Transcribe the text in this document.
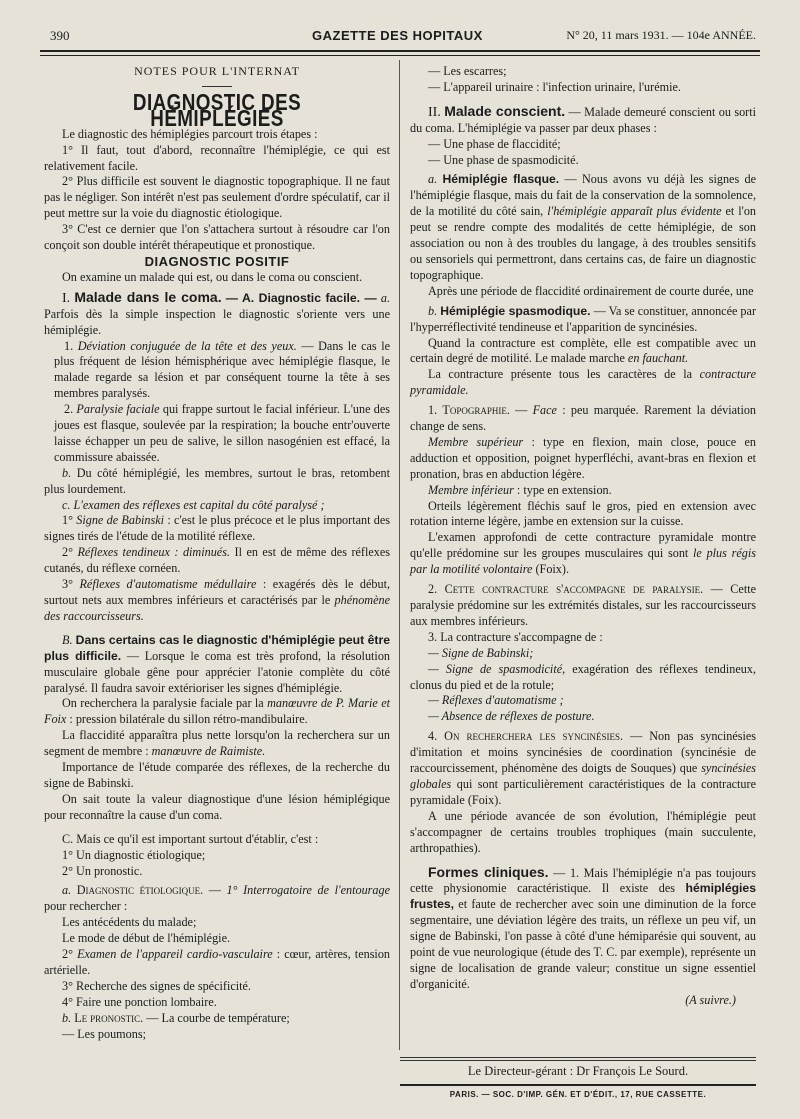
390	GAZETTE DES HOPITAUX	N° 20, 11 mars 1931. — 104e ANNÉE.

NOTES POUR L'INTERNAT

DIAGNOSTIC DES HÉMIPLÉGIES

Le diagnostic des hémiplégies parcourt trois étapes :

1° Il faut, tout d'abord, reconnaître l'hémiplégie, ce qui est relativement facile.

2° Plus difficile est souvent le diagnostic topographique. Il ne faut pas le négliger. Son intérêt n'est pas seulement d'ordre spéculatif, car il peut mettre sur la voie du diagnostic étiologique.

3° C'est ce dernier que l'on s'attachera surtout à résoudre car l'on conçoit son double intérêt thérapeutique et pronostique.

DIAGNOSTIC POSITIF

On examine un malade qui est, ou dans le coma ou conscient.

I. Malade dans le coma. — A. Diagnostic facile. — a. Parfois dès la simple inspection le diagnostic s'oriente vers une hémiplégie.

1. Déviation conjuguée de la tête et des yeux. — Dans le cas le plus fréquent de lésion hémisphérique avec hémiplégie flasque, le malade regarde sa lésion et par conséquent tourne la tête à ses membres paralysés.

2. Paralysie faciale qui frappe surtout le facial inférieur. L'une des joues est flasque, soulevée par la respiration; la bouche entr'ouverte laisse échapper un peu de salive, le sillon nasogénien est effacé, la commissure abaissée.

b. Du côté hémiplégié, les membres, surtout le bras, retombent plus lourdement.

c. L'examen des réflexes est capital du côté paralysé ;

1° Signe de Babinski : c'est le plus précoce et le plus important des signes tirés de l'étude de la motilité réflexe.

2° Réflexes tendineux : diminués. Il en est de même des réflexes cutanés, du réflexe cornéen.

3° Réflexes d'automatisme médullaire : exagérés dès le début, surtout nets aux membres inférieurs et caractérisés par le phénomène des raccourcisseurs.

B. Dans certains cas le diagnostic d'hémiplégie peut être plus difficile. — Lorsque le coma est très profond, la résolution musculaire globale gêne pour apprécier l'atonie complète du côté paralysé. Il faudra savoir extérioriser les signes d'hémiplégie.

On recherchera la paralysie faciale par la manœuvre de P. Marie et Foix : pression bilatérale du sillon rétro-mandibulaire.

La flaccidité apparaîtra plus nette lorsqu'on la recherchera sur un segment de membre : manœuvre de Raimiste.

Importance de l'étude comparée des réflexes, de la recherche du signe de Babinski.

On sait toute la valeur diagnostique d'une lésion hémiplégique pour reconnaître la cause d'un coma.

C. Mais ce qu'il est important surtout d'établir, c'est :

1° Un diagnostic étiologique;

2° Un pronostic.

a. Diagnostic étiologique. — 1° Interrogatoire de l'entourage pour rechercher :

Les antécédents du malade;

Le mode de début de l'hémiplégie.

2° Examen de l'appareil cardio-vasculaire : cœur, artères, tension artérielle.

3° Recherche des signes de spécificité.

4° Faire une ponction lombaire.

b. Le pronostic. — La courbe de température;

— Les poumons;

— Les escarres;

— L'appareil urinaire : l'infection urinaire, l'urémie.

II. Malade conscient. — Malade demeuré conscient ou sorti du coma. L'hémiplégie va passer par deux phases :

— Une phase de flaccidité;

— Une phase de spasmodicité.

a. Hémiplégie flasque. — Nous avons vu déjà les signes de l'hémiplégie flasque, mais du fait de la conservation de la somnolence, de la motilité du côté sain, l'hémiplégie apparaît plus évidente et l'on peut se rendre compte des modalités de cette hémiplégie, de son association ou non à des troubles du langage, à des troubles sensitifs ou sensoriels qui permettront, dans certains cas, de faire un diagnostic topographique.

Après une période de flaccidité ordinairement de courte durée, une

b. Hémiplégie spasmodique. — Va se constituer, annoncée par l'hyperréflectivité tendineuse et l'apparition de syncinésies.

Quand la contracture est complète, elle est compatible avec un certain degré de motilité. Le malade marche en fauchant.

La contracture présente tous les caractères de la contracture pyramidale.

1. Topographie. — Face : peu marquée. Rarement la déviation change de sens.

Membre supérieur : type en flexion, main close, pouce en adduction et opposition, poignet hyperfléchi, avant-bras en flexion et pronation, bras en abduction légère.

Membre inférieur : type en extension.

Orteils légèrement fléchis sauf le gros, pied en extension avec rotation interne légère, jambe en extension sur la cuisse.

L'examen approfondi de cette contracture pyramidale montre qu'elle prédomine sur les groupes musculaires qui sont le plus régis par la motilité volontaire (Foix).

2. Cette contracture s'accompagne de paralysie. — Cette paralysie prédomine sur les extrémités distales, sur les raccourcisseurs aux membres inférieurs.

3. La contracture s'accompagne de :

— Signe de Babinski;

— Signe de spasmodicité, exagération des réflexes tendineux, clonus du pied et de la rotule;

— Réflexes d'automatisme ;

— Absence de réflexes de posture.

4. On recherchera les syncinésies. — Non pas syncinésies d'imitation et moins syncinésies de coordination (syncinésie de raccourcissement, phénomène des doigts de Souques) que syncinésies globales qui sont particulièrement caractéristiques de la contracture pyramidale (Foix).

A une période avancée de son évolution, l'hémiplégie peut s'accompagner de certains troubles trophiques (main succulente, arthropathies).

Formes cliniques. — 1. Mais l'hémiplégie n'a pas toujours cette physionomie caractéristique. Il existe des hémiplégies frustes, et faute de rechercher avec soin une diminution de la force segmentaire, une déviation légère des traits, un réflexe un peu vif, un signe de Babinski, l'on passe à côté d'une hémiparésie qui souvent, au point de vue neurologique (étude des T. C. par exemple), représente un signe de localisation de grande valeur; constitue un signe essentiel d'organicité.

(A suivre.)

Le Directeur-gérant : Dr François Le Sourd.
PARIS. — SOC. D'IMP. GÉN. ET D'ÉDIT., 17, RUE CASSETTE.
